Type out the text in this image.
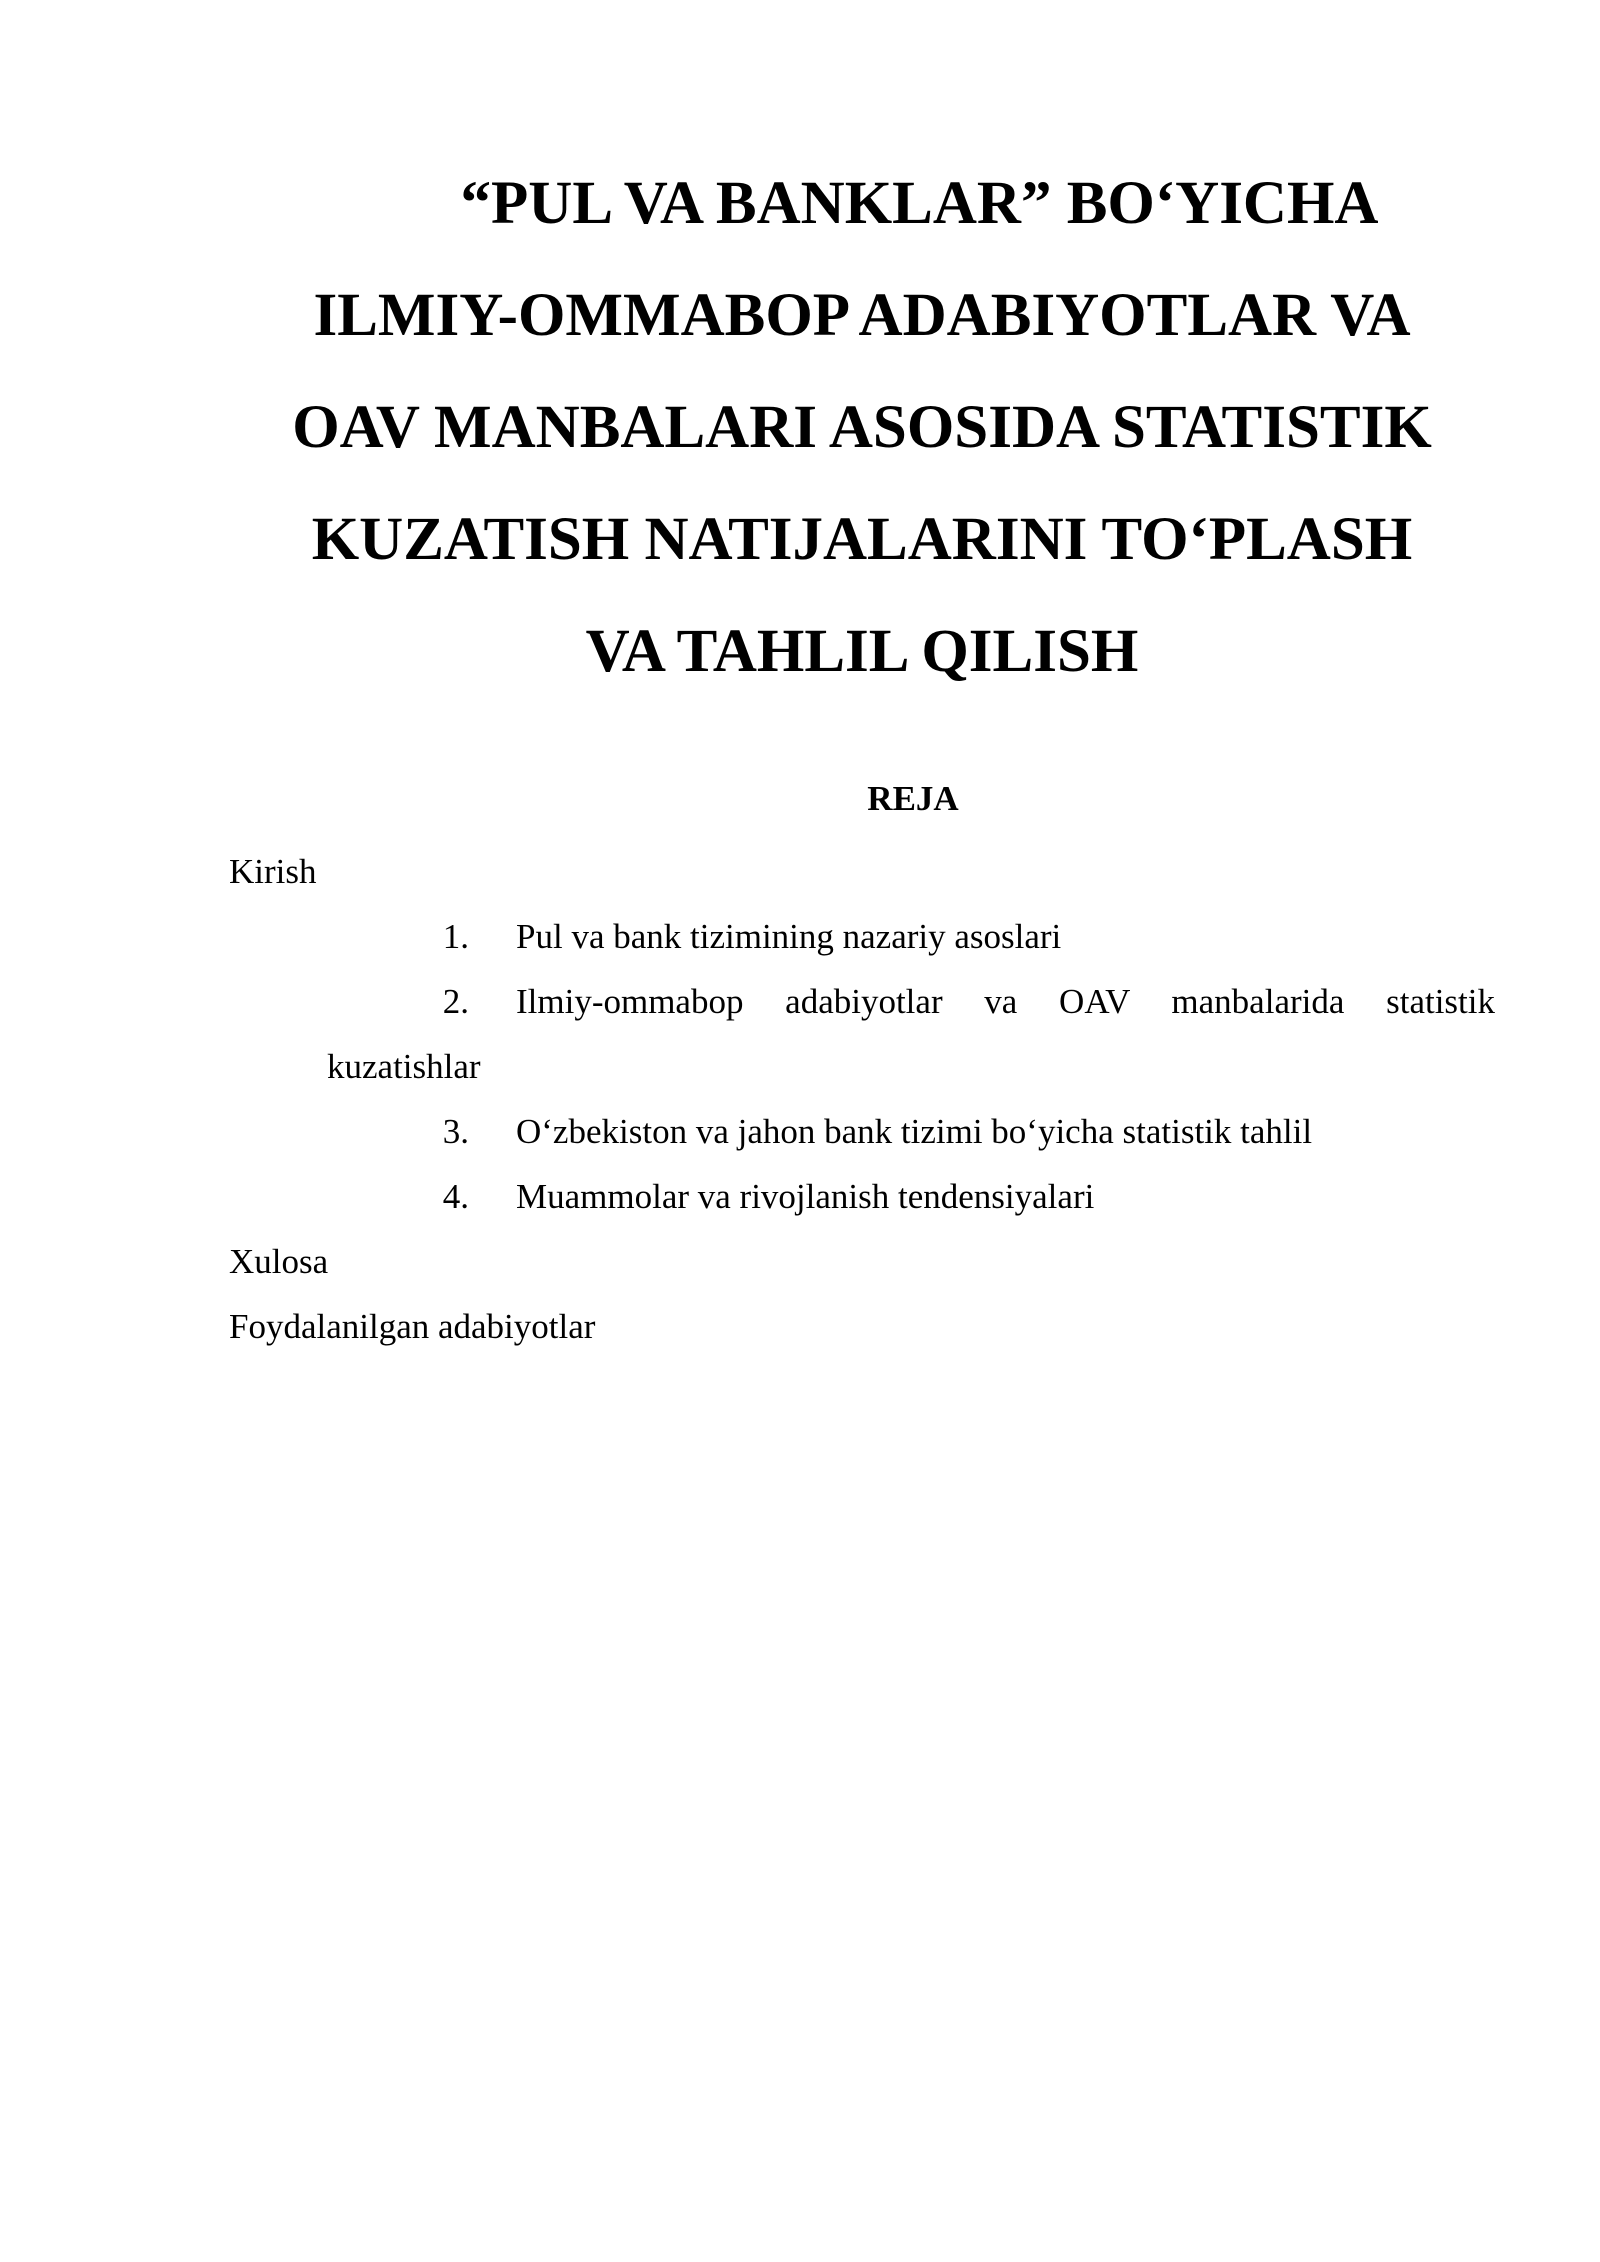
“PUL VA BANKLAR” BO‘YICHA
ILMIY-OMMABOP ADABIYOTLAR VA
OAV MANBALARI ASOSIDA STATISTIK
KUZATISH NATIJALARINI TO‘PLASH
VA TAHLIL QILISH
REJA
Kirish
1. Pul va bank tizimining nazariy asoslari
2. Ilmiy-ommabop adabiyotlar va OAV manbalarida statistik
kuzatishlar
3. O‘zbekiston va jahon bank tizimi bo‘yicha statistik tahlil
4. Muammolar va rivojlanish tendensiyalari
Xulosa
Foydalanilgan adabiyotlar
